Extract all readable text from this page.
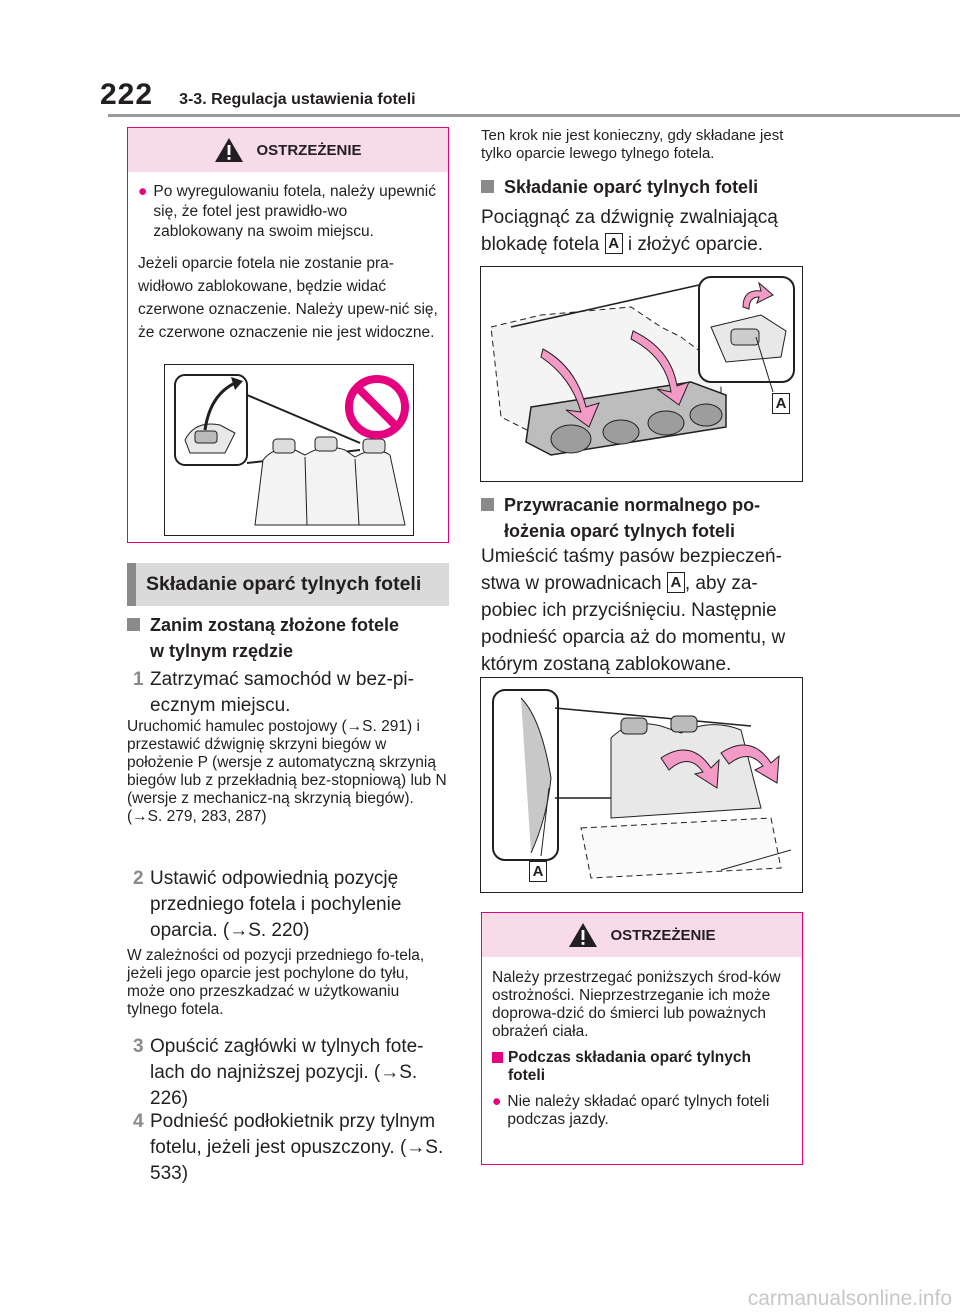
222 3-3. Regulacja ustawienia foteli
OSTRZEŻENIE
● Po wyregulowaniu fotela, należy upewnić się, że fotel jest prawidło-wo zablokowany na swoim miejscu.
Jeżeli oparcie fotela nie zostanie pra-widłowo zablokowane, będzie widać czerwone oznaczenie. Należy upew-nić się, że czerwone oznaczenie nie jest widoczne.
Składanie oparć tylnych foteli
Zanim zostaną złożone fotele
w tylnym rzędzie
1 Zatrzymać samochód w bez-piecznym miejscu.
Uruchomić hamulec postojowy (→S. 291) i przestawić dźwignię skrzyni biegów w położenie P (wersje z automatyczną skrzynią biegów lub z przekładnią bez-stopniową) lub N (wersje z mechanicz-ną skrzynią biegów). (→S. 279, 283, 287)
2 Ustawić odpowiednią pozycję przedniego fotela i pochylenie oparcia. (→S. 220)
W zależności od pozycji przedniego fo-tela, jeżeli jego oparcie jest pochylone do tyłu, może ono przeszkadzać w użytkowaniu tylnego fotela.
3 Opuścić zagłówki w tylnych fote-lach do najniższej pozycji. (→S. 226)
4 Podnieść podłokietnik przy tylnym fotelu, jeżeli jest opuszczony. (→S. 533)
Ten krok nie jest konieczny, gdy składane jest tylko oparcie lewego tylnego fotela.
Składanie oparć tylnych foteli
Pociągnąć za dźwignię zwalniającą blokadę fotela A i złożyć oparcie.
A
Przywracanie normalnego po-
łożenia oparć tylnych foteli
Umieścić taśmy pasów bezpieczeń-stwa w prowadnicach A , aby za-pobiec ich przyciśnięciu. Następnie podnieść oparcia aż do momentu, w którym zostaną zablokowane.
A
OSTRZEŻENIE
Należy przestrzegać poniższych środ-ków ostrożności. Nieprzestrzeganie ich może doprowa-dzić do śmierci lub poważnych obrażeń ciała.
Podczas składania oparć tylnych foteli
● Nie należy składać oparć tylnych foteli podczas jazdy.
carmanualsonline.info
